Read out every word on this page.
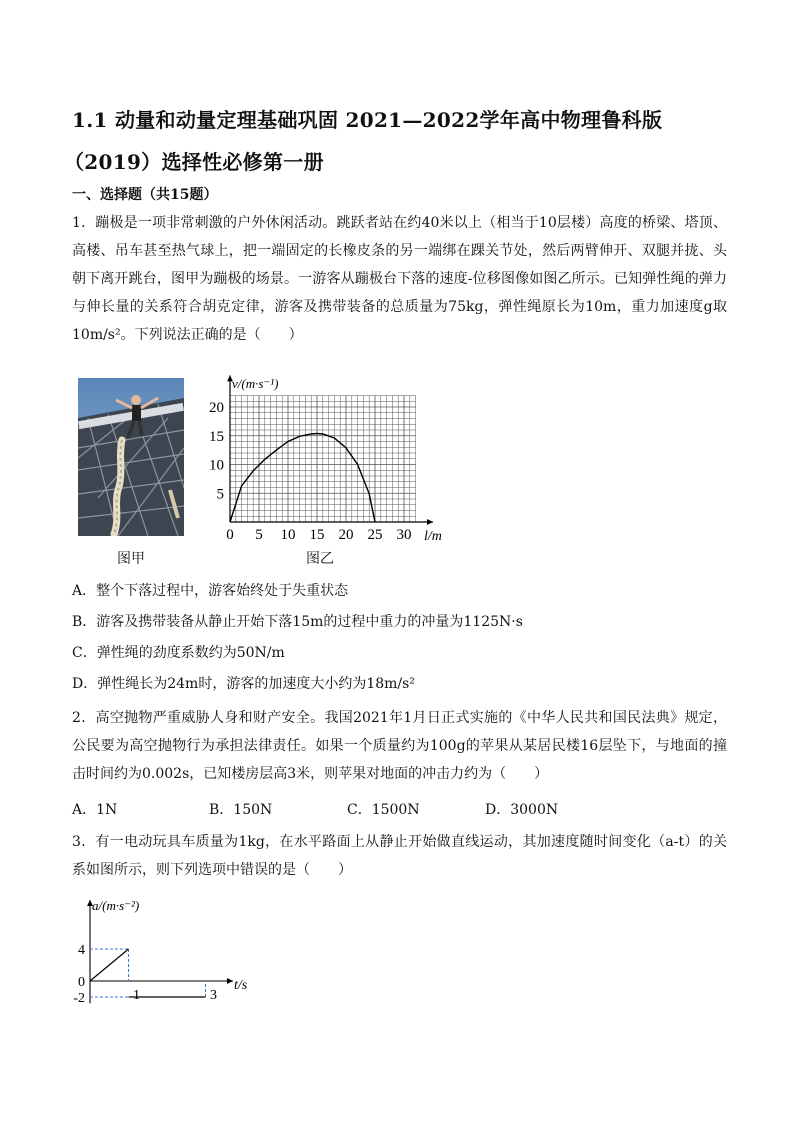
1.1 动量和动量定理基础巩固 2021—2022学年高中物理鲁科版
（2019）选择性必修第一册
一、选择题（共15题）
1．蹦极是一项非常刺激的户外休闲活动。跳跃者站在约40米以上（相当于10层楼）高度的桥梁、塔顶、高楼、吊车甚至热气球上，把一端固定的长橡皮条的另一端绑在踝关节处，然后两臂伸开、双腿并拢、头朝下离开跳台，图甲为蹦极的场景。一游客从蹦极台下落的速度-位移图像如图乙所示。已知弹性绳的弹力与伸长量的关系符合胡克定律，游客及携带装备的总质量为75kg，弹性绳原长为10m，重力加速度g取10m/s²。下列说法正确的是（　　）
图甲
0 5 10 15 20 25 30
5
10
15
20
v/(m·s⁻¹)
l/m
图乙
A．整个下落过程中，游客始终处于失重状态
B．游客及携带装备从静止开始下落15m的过程中重力的冲量为1125N·s
C．弹性绳的劲度系数约为50N/m
D．弹性绳长为24m时，游客的加速度大小约为18m/s²
2．高空抛物严重威胁人身和财产安全。我国2021年1月日正式实施的《中华人民共和国民法典》规定，公民要为高空抛物行为承担法律责任。如果一个质量约为100g的苹果从某居民楼16层坠下，与地面的撞击时间约为0.002s，已知楼房层高3米，则苹果对地面的冲击力约为（　　）
A．1N	B．150N	C．1500N	D．3000N
3．有一电动玩具车质量为1kg，在水平路面上从静止开始做直线运动，其加速度随时间变化（a-t）的关系如图所示，则下列选项中错误的是（　　）
4
0
-2	1	3
a/(m·s⁻²)
t/s
